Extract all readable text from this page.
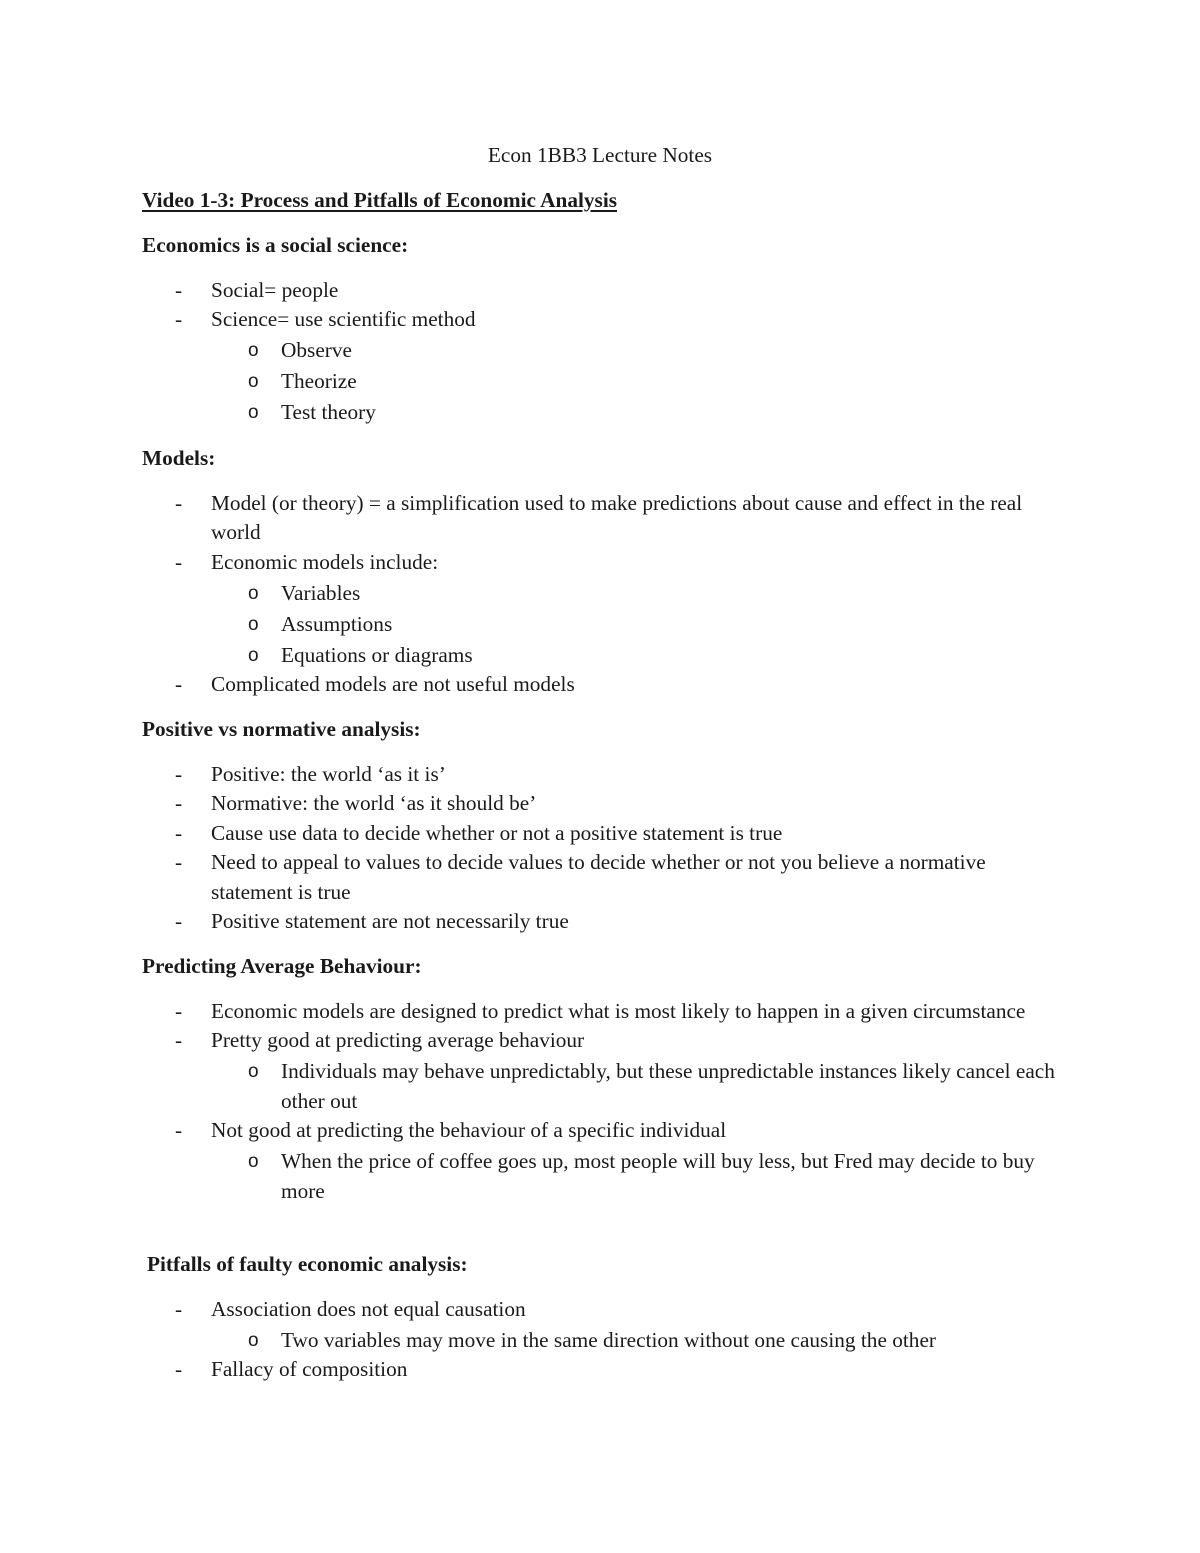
Econ 1BB3 Lecture Notes
Video 1-3: Process and Pitfalls of Economic Analysis
Economics is a social science:
- Social= people
- Science= use scientific method
o Observe
o Theorize
o Test theory
Models:
- Model (or theory) = a simplification used to make predictions about cause and effect in the real world
- Economic models include:
o Variables
o Assumptions
o Equations or diagrams
- Complicated models are not useful models
Positive vs normative analysis:
- Positive: the world ‘as it is’
- Normative: the world ‘as it should be’
- Cause use data to decide whether or not a positive statement is true
- Need to appeal to values to decide values to decide whether or not you believe a normative statement is true
- Positive statement are not necessarily true
Predicting Average Behaviour:
- Economic models are designed to predict what is most likely to happen in a given circumstance
- Pretty good at predicting average behaviour
o Individuals may behave unpredictably, but these unpredictable instances likely cancel each other out
- Not good at predicting the behaviour of a specific individual
o When the price of coffee goes up, most people will buy less, but Fred may decide to buy more
Pitfalls of faulty economic analysis:
- Association does not equal causation
o Two variables may move in the same direction without one causing the other
- Fallacy of composition
